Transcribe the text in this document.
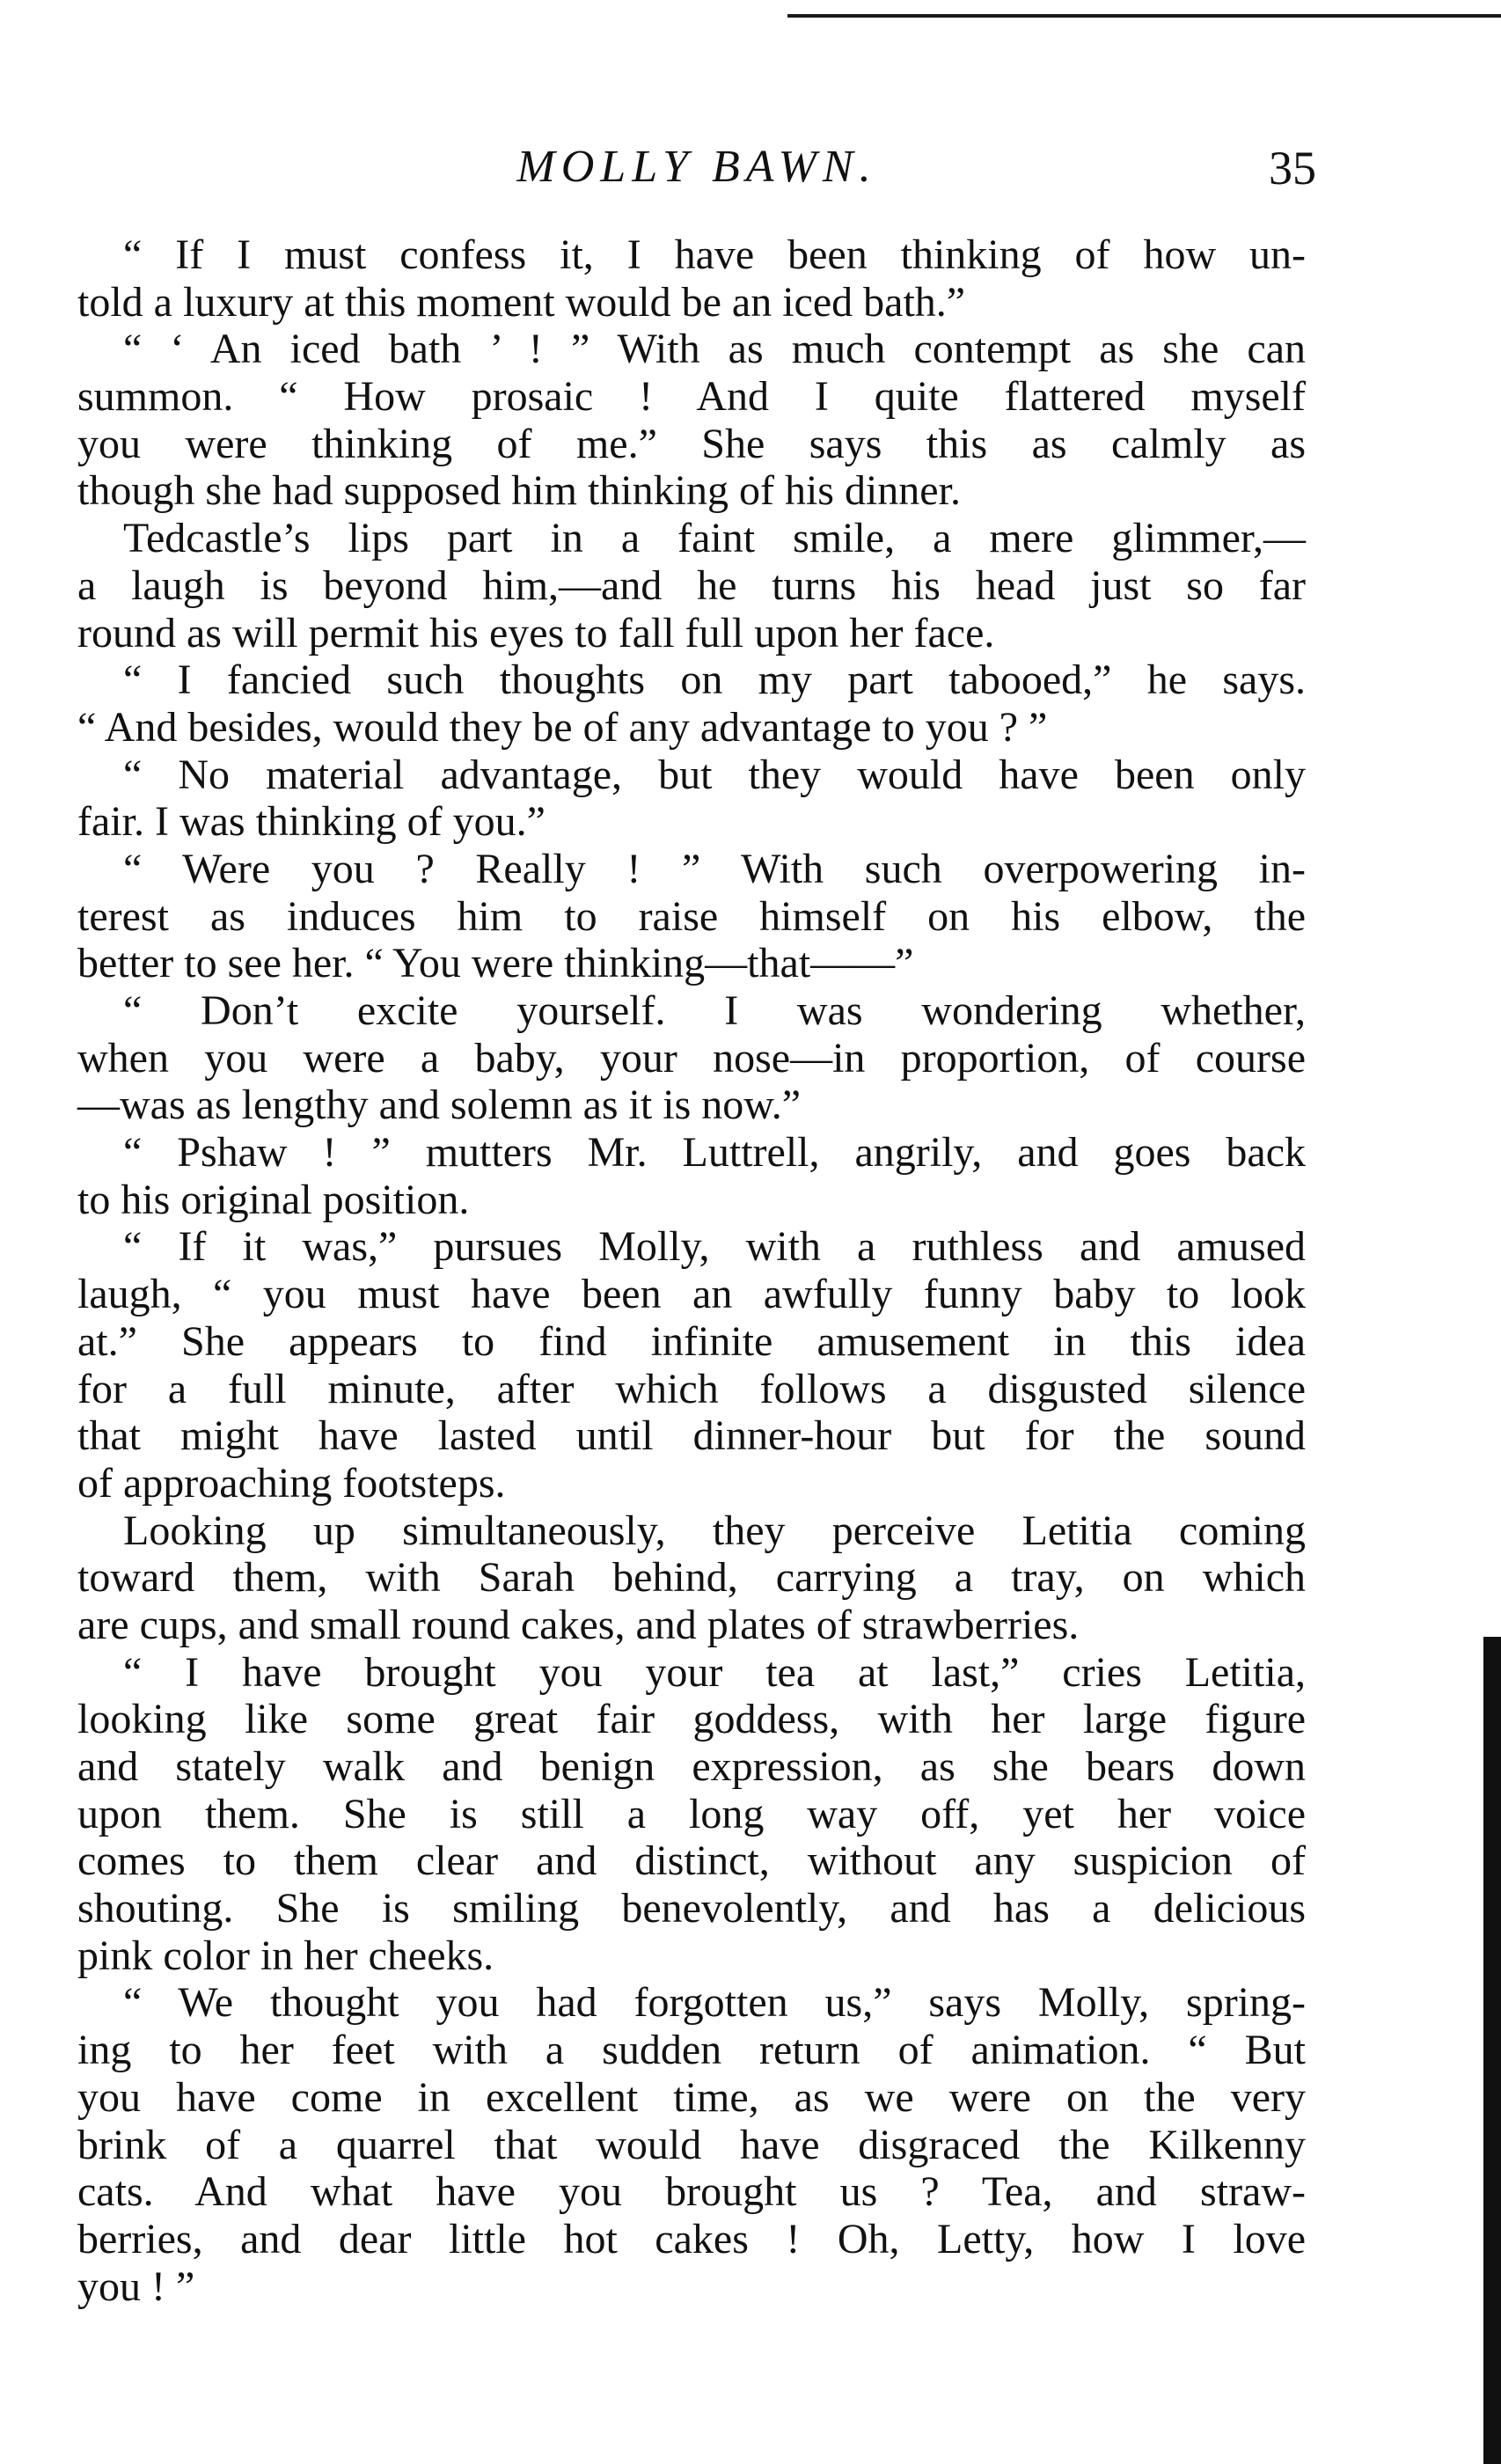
MOLLY BAWN.	35
“ If I must confess it, I have been thinking of how un-
told a luxury at this moment would be an iced bath.”
“ ‘ An iced bath ’ ! ” With as much contempt as she can
summon. “ How prosaic ! And I quite flattered myself
you were thinking of me.” She says this as calmly as
though she had supposed him thinking of his dinner.
Tedcastle’s lips part in a faint smile, a mere glimmer,—
a laugh is beyond him,—and he turns his head just so far
round as will permit his eyes to fall full upon her face.
“ I fancied such thoughts on my part tabooed,” he says.
“ And besides, would they be of any advantage to you ? ”
“ No material advantage, but they would have been only
fair. I was thinking of you.”
“ Were you ? Really ! ” With such overpowering in-
terest as induces him to raise himself on his elbow, the
better to see her. “ You were thinking—that——”
“ Don’t excite yourself. I was wondering whether,
when you were a baby, your nose—in proportion, of course
—was as lengthy and solemn as it is now.”
“ Pshaw ! ” mutters Mr. Luttrell, angrily, and goes back
to his original position.
“ If it was,” pursues Molly, with a ruthless and amused
laugh, “ you must have been an awfully funny baby to look
at.” She appears to find infinite amusement in this idea
for a full minute, after which follows a disgusted silence
that might have lasted until dinner-hour but for the sound
of approaching footsteps.
Looking up simultaneously, they perceive Letitia coming
toward them, with Sarah behind, carrying a tray, on which
are cups, and small round cakes, and plates of strawberries.
“ I have brought you your tea at last,” cries Letitia,
looking like some great fair goddess, with her large figure
and stately walk and benign expression, as she bears down
upon them. She is still a long way off, yet her voice
comes to them clear and distinct, without any suspicion of
shouting. She is smiling benevolently, and has a delicious
pink color in her cheeks.
“ We thought you had forgotten us,” says Molly, spring-
ing to her feet with a sudden return of animation. “ But
you have come in excellent time, as we were on the very
brink of a quarrel that would have disgraced the Kilkenny
cats. And what have you brought us ? Tea, and straw-
berries, and dear little hot cakes ! Oh, Letty, how I love
you ! ”
